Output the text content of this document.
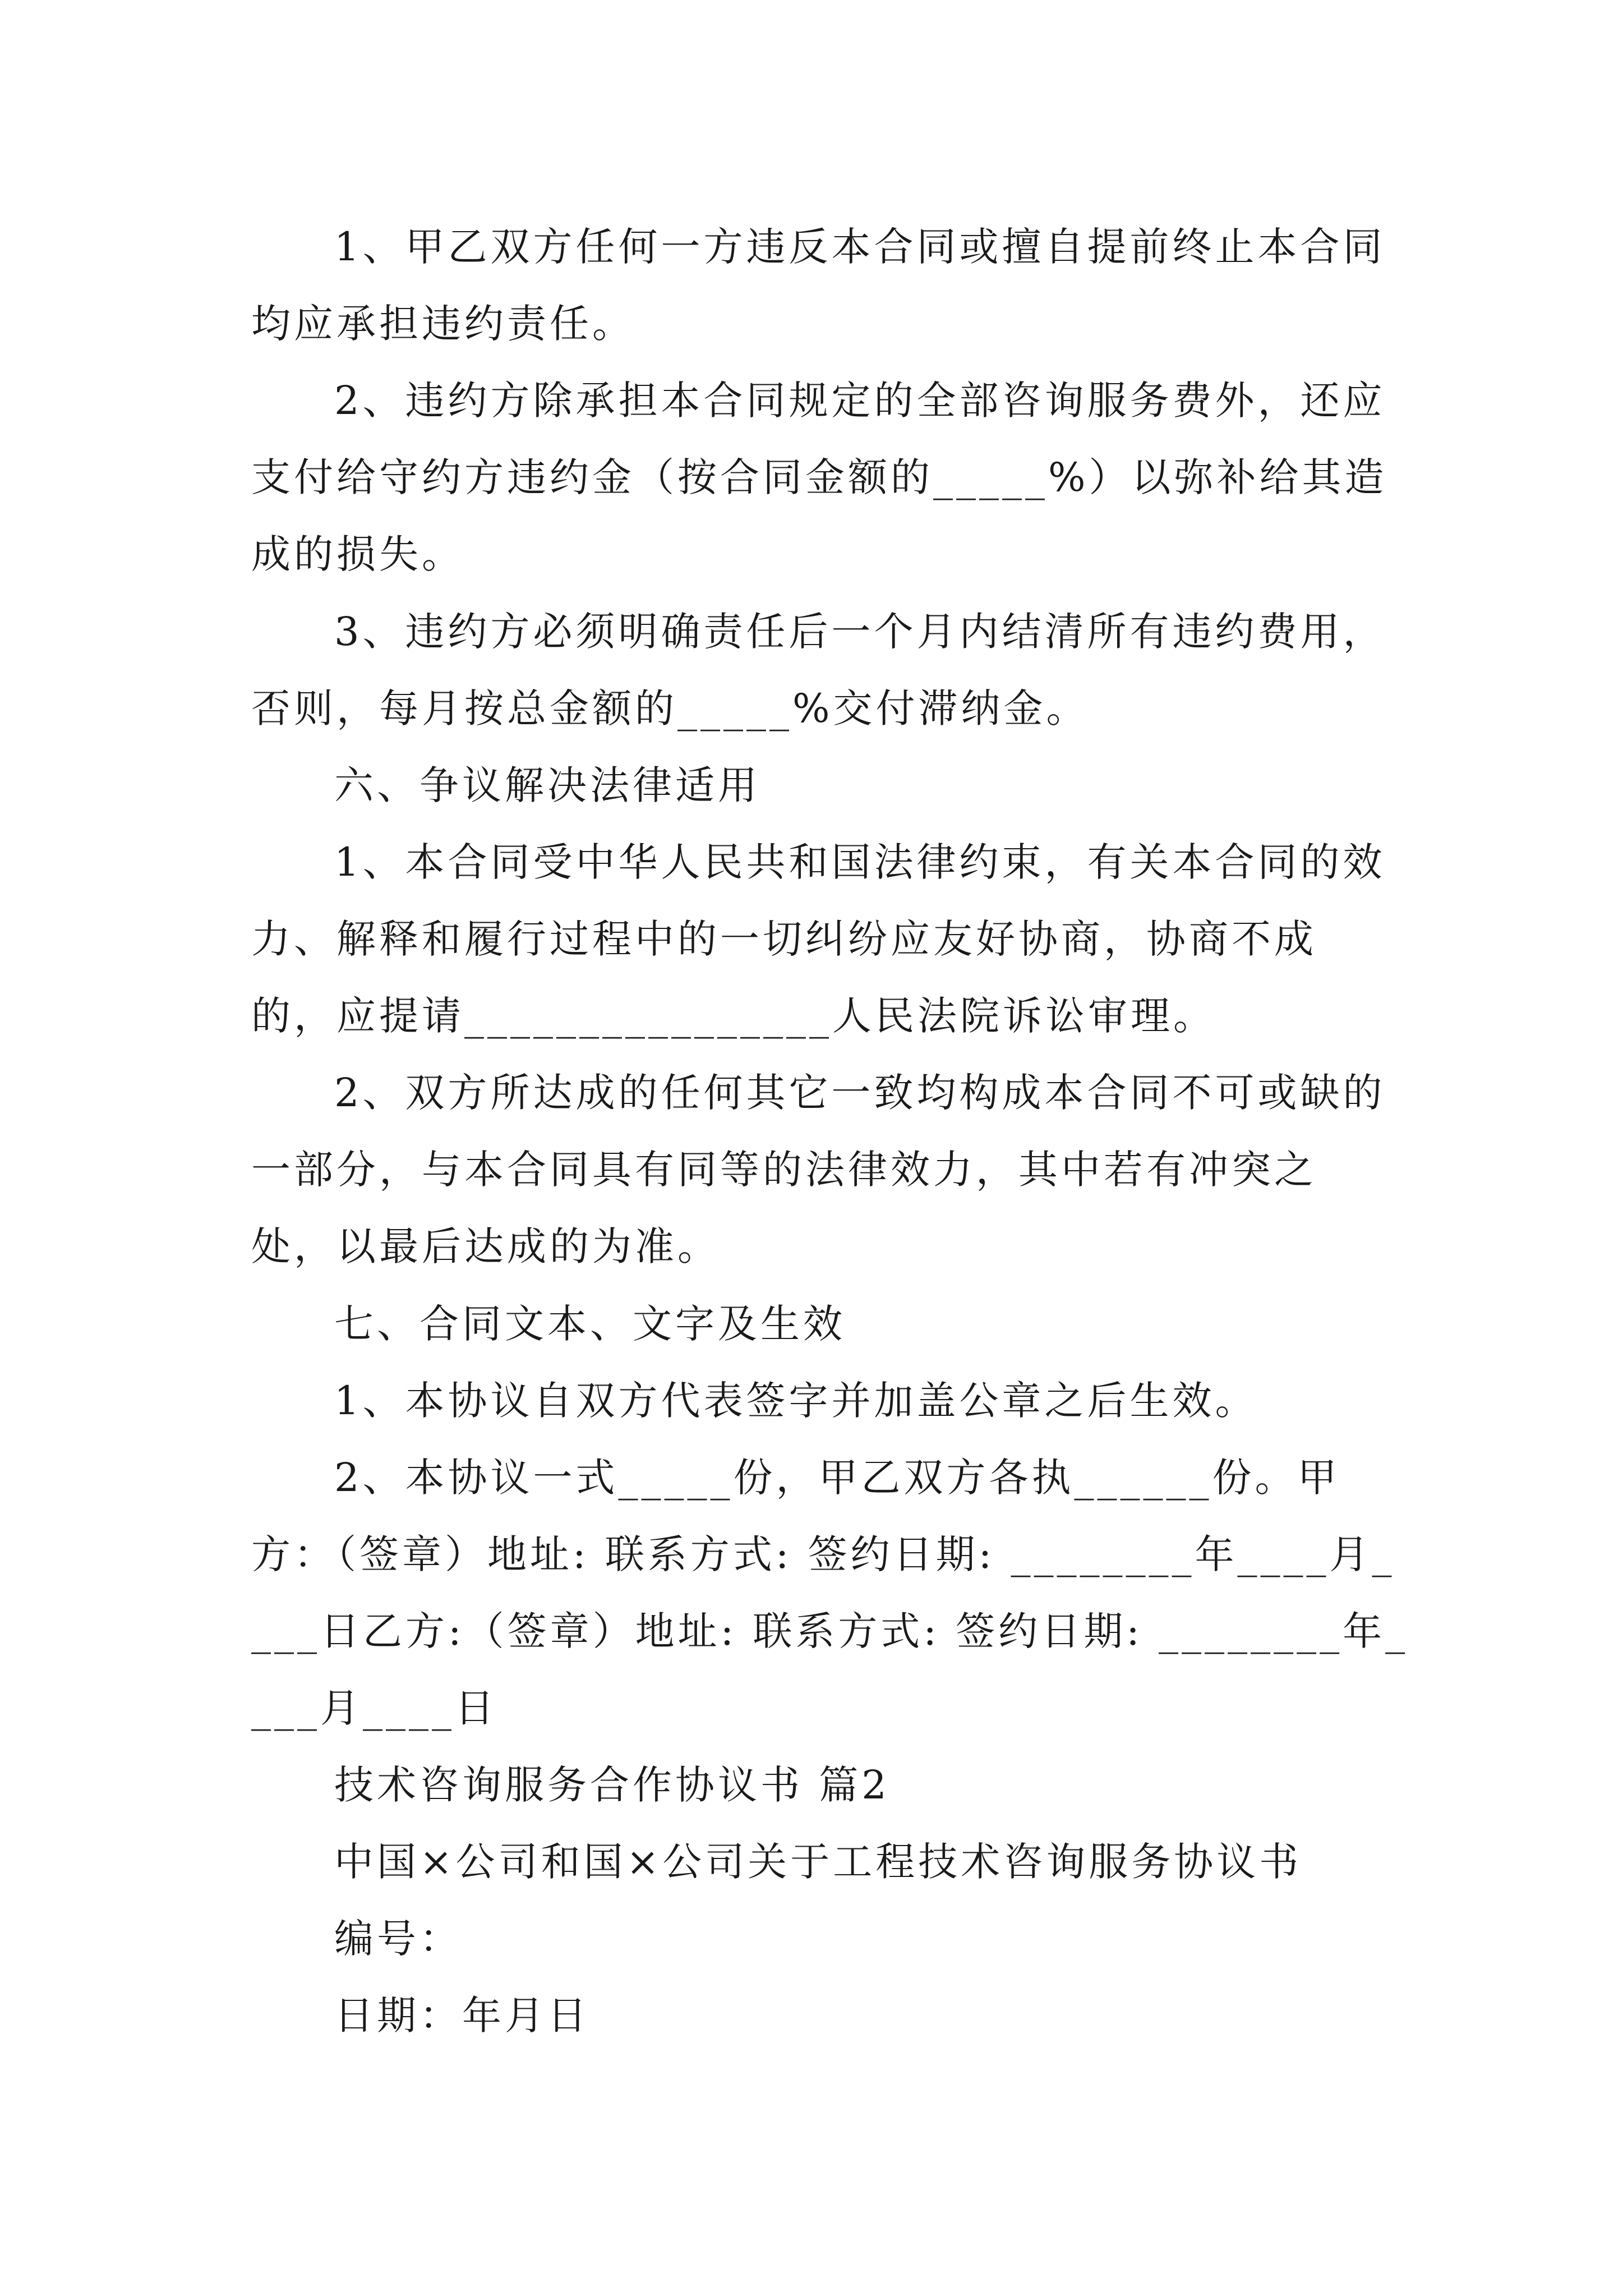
1、甲乙双方任何一方违反本合同或擅自提前终止本合同均应承担违约责任。

2、违约方除承担本合同规定的全部咨询服务费外，还应支付给守约方违约金（按合同金额的_____%）以弥补给其造成的损失。

3、违约方必须明确责任后一个月内结清所有违约费用，否则，每月按总金额的_____%交付滞纳金。

六、争议解决法律适用

1、本合同受中华人民共和国法律约束，有关本合同的效力、解释和履行过程中的一切纠纷应友好协商，协商不成的，应提请________________人民法院诉讼审理。

2、双方所达成的任何其它一致均构成本合同不可或缺的一部分，与本合同具有同等的法律效力，其中若有冲突之处，以最后达成的为准。

七、合同文本、文字及生效

1、本协议自双方代表签字并加盖公章之后生效。

2、本协议一式_____份，甲乙双方各执______份。甲方：（签章）地址: 联系方式: 签约日期: ________年____月____日乙方:（签章）地址: 联系方式: 签约日期: ________年____月____日

技术咨询服务合作协议书 篇2

中国×公司和国×公司关于工程技术咨询服务协议书

编号：

日期：年月日
